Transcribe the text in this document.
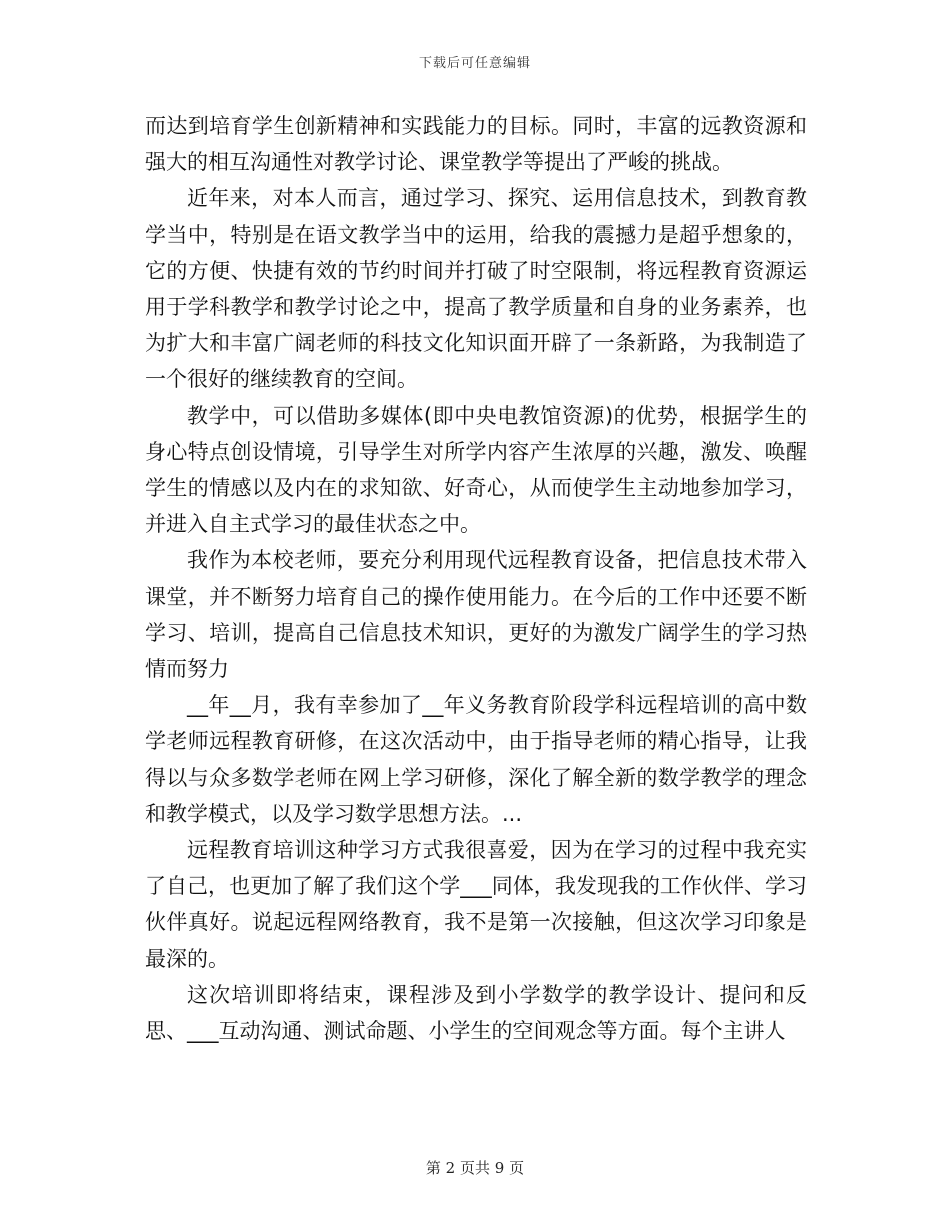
下载后可任意编辑

而达到培育学生创新精神和实践能力的目标。同时，丰富的远教资源和强大的相互沟通性对教学讨论、课堂教学等提出了严峻的挑战。

近年来，对本人而言，通过学习、探究、运用信息技术，到教育教学当中，特别是在语文教学当中的运用，给我的震撼力是超乎想象的，它的方便、快捷有效的节约时间并打破了时空限制，将远程教育资源运用于学科教学和教学讨论之中，提高了教学质量和自身的业务素养，也为扩大和丰富广阔老师的科技文化知识面开辟了一条新路，为我制造了一个很好的继续教育的空间。

教学中，可以借助多媒体(即中央电教馆资源)的优势，根据学生的身心特点创设情境，引导学生对所学内容产生浓厚的兴趣，激发、唤醒学生的情感以及内在的求知欲、好奇心，从而使学生主动地参加学习，并进入自主式学习的最佳状态之中。

我作为本校老师，要充分利用现代远程教育设备，把信息技术带入课堂，并不断努力培育自己的操作使用能力。在今后的工作中还要不断学习、培训，提高自己信息技术知识，更好的为激发广阔学生的学习热情而努力

__年__月，我有幸参加了__年义务教育阶段学科远程培训的高中数学老师远程教育研修，在这次活动中，由于指导老师的精心指导，让我得以与众多数学老师在网上学习研修，深化了解全新的数学教学的理念和教学模式，以及学习数学思想方法。...

远程教育培训这种学习方式我很喜爱，因为在学习的过程中我充实了自己，也更加了解了我们这个学___同体，我发现我的工作伙伴、学习伙伴真好。说起远程网络教育，我不是第一次接触，但这次学习印象是最深的。

这次培训即将结束，课程涉及到小学数学的教学设计、提问和反思、___互动沟通、测试命题、小学生的空间观念等方面。每个主讲人

第 2 页共 9 页
